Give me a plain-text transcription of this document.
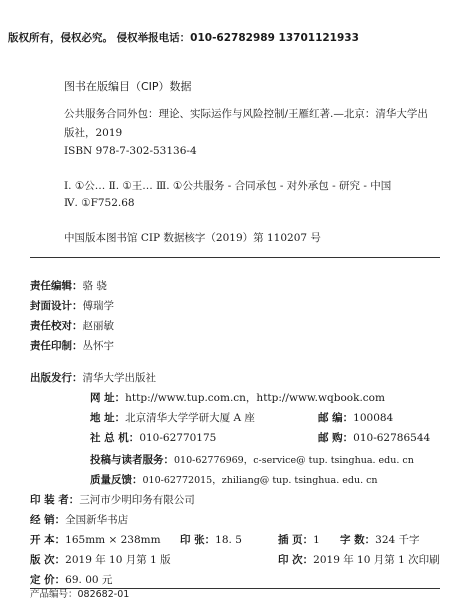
版权所有，侵权必究。 侵权举报电话：010-62782989 13701121933
图书在版编目（CIP）数据
公共服务合同外包：理论、实际运作与风险控制/王雁红著.—北京：清华大学出
版社，2019
ISBN 978-7-302-53136-4
Ⅰ. ①公… Ⅱ. ①王… Ⅲ. ①公共服务 - 合同承包 - 对外承包 - 研究 - 中国
Ⅳ. ①F752.68
中国版本图书馆 CIP 数据核字（2019）第 110207 号
责任编辑：骆 骁
封面设计：傅瑞学
责任校对：赵丽敏
责任印制：丛怀宇
出版发行：清华大学出版社
网 址：http://www.tup.com.cn，http://www.wqbook.com
地 址：北京清华大学学研大厦 A 座	邮 编：100084
社 总 机：010-62770175	邮 购：010-62786544
投稿与读者服务：010-62776969，c-service@ tup. tsinghua. edu. cn
质量反馈：010-62772015，zhiliang@ tup. tsinghua. edu. cn
印 装 者：三河市少明印务有限公司
经 销：全国新华书店
开 本：165mm × 238mm 印 张：18. 5	插 页：1 字 数：324 千字
版 次：2019 年 10 月第 1 版	印 次：2019 年 10 月第 1 次印刷
定 价：69. 00 元
产品编号：082682-01
